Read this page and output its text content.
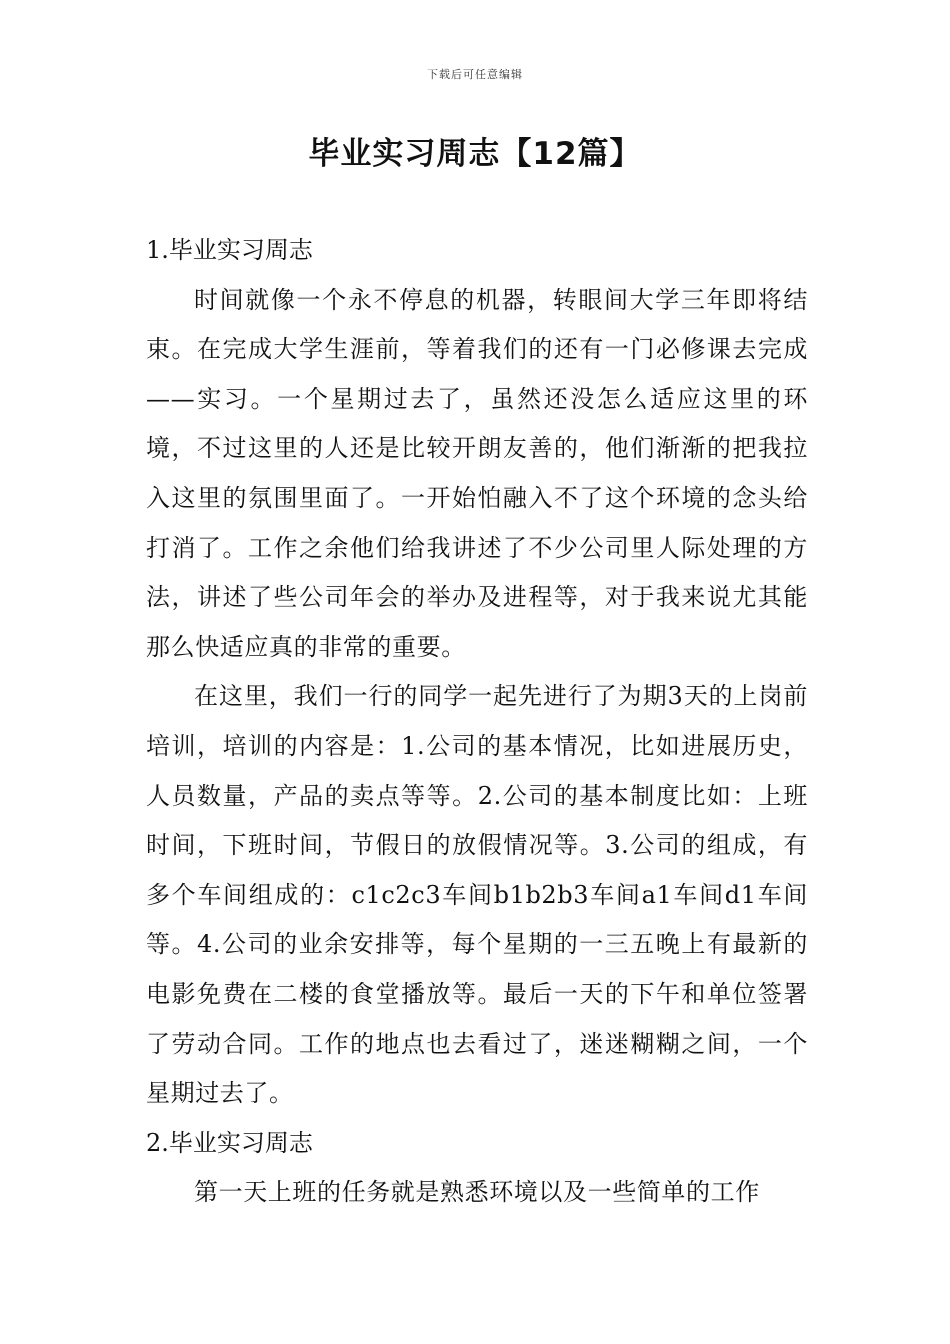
下载后可任意编辑
毕业实习周志【12篇】
1.毕业实习周志

时间就像一个永不停息的机器，转眼间大学三年即将结束。在完成大学生涯前，等着我们的还有一门必修课去完成——实习。一个星期过去了，虽然还没怎么适应这里的环境，不过这里的人还是比较开朗友善的，他们渐渐的把我拉入这里的氛围里面了。一开始怕融入不了这个环境的念头给打消了。工作之余他们给我讲述了不少公司里人际处理的方法，讲述了些公司年会的举办及进程等，对于我来说尤其能那么快适应真的非常的重要。

在这里，我们一行的同学一起先进行了为期3天的上岗前培训，培训的内容是：1.公司的基本情况，比如进展历史，人员数量，产品的卖点等等。2.公司的基本制度比如：上班时间，下班时间，节假日的放假情况等。3.公司的组成，有多个车间组成的：c1c2c3车间b1b2b3车间a1车间d1车间等。4.公司的业余安排等，每个星期的一三五晚上有最新的电影免费在二楼的食堂播放等。最后一天的下午和单位签署了劳动合同。工作的地点也去看过了，迷迷糊糊之间，一个星期过去了。

2.毕业实习周志

第一天上班的任务就是熟悉环境以及一些简单的工作
